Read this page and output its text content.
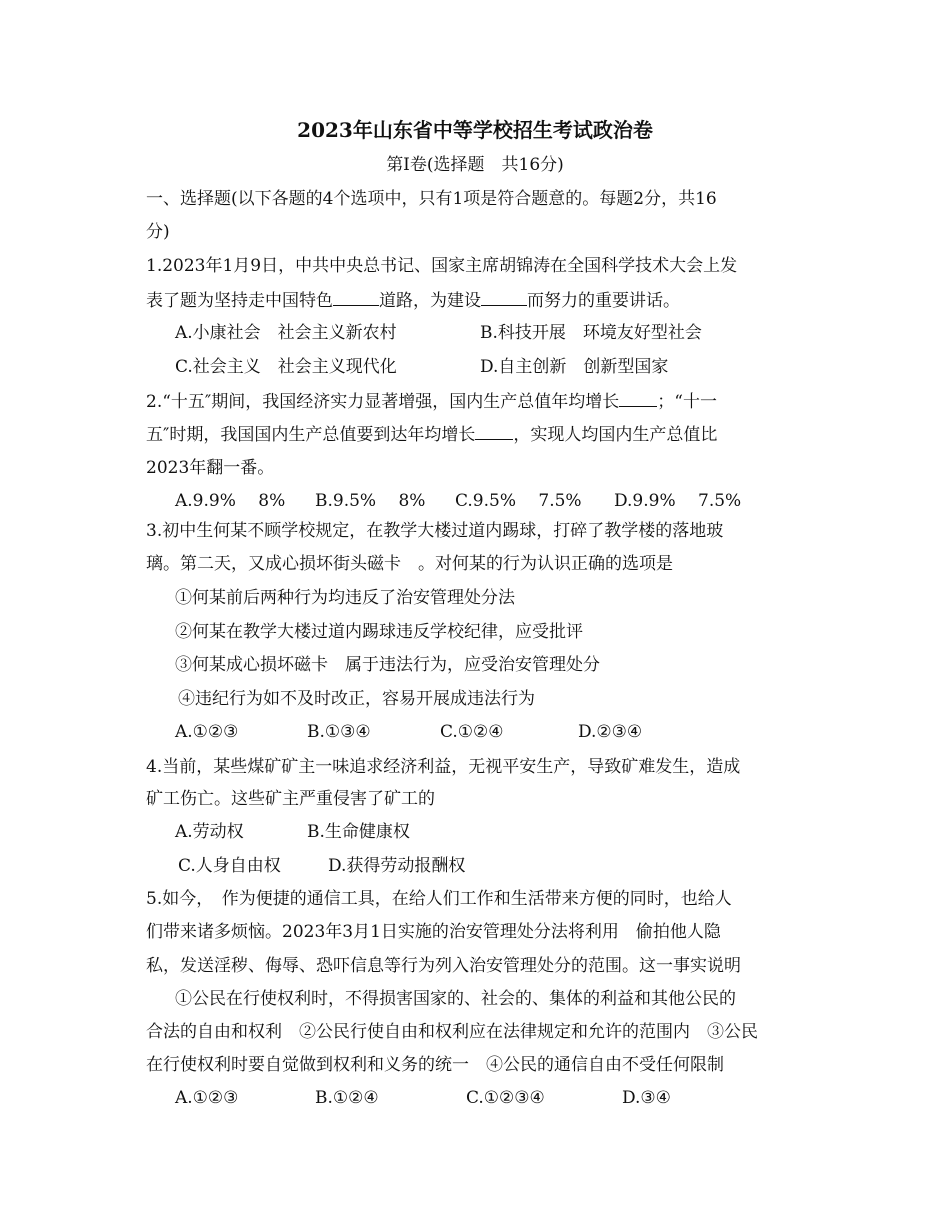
2023年山东省中等学校招生考试政治卷
第Ⅰ卷(选择题　共16分)
一、选择题(以下各题的4个选项中，只有1项是符合题意的。每题2分，共16
分)
1.2023年1月9日，中共中央总书记、国家主席胡锦涛在全国科学技术大会上发
表了题为坚持走中国特色	道路，为建设	而努力的重要讲话。
A.小康社会　社会主义新农村	B.科技开展　环境友好型社会
C.社会主义　社会主义现代化	D.自主创新　创新型国家
2.“十五″期间，我国经济实力显著增强，国内生产总值年均增长 ；“十一
五″时期，我国国内生产总值要到达年均增长 ，实现人均国内生产总值比
2023年翻一番。
A.9.9%　 8% B.9.5%　 8% C.9.5%　 7.5% D.9.9%　 7.5%
3.初中生何某不顾学校规定，在教学大楼过道内踢球，打碎了教学楼的落地玻
璃。第二天，又成心损坏街头磁卡　。对何某的行为认识正确的选项是
①何某前后两种行为均违反了治安管理处分法
②何某在教学大楼过道内踢球违反学校纪律，应受批评
③何某成心损坏磁卡　属于违法行为，应受治安管理处分
④违纪行为如不及时改正，容易开展成违法行为
A.①②③	B.①③④	C.①②④	D.②③④
4.当前，某些煤矿矿主一味追求经济利益，无视平安生产，导致矿难发生，造成
矿工伤亡。这些矿主严重侵害了矿工的
A.劳动权	B.生命健康权
C.人身自由权	D.获得劳动报酬权
5.如今，　作为便捷的通信工具，在给人们工作和生活带来方便的同时，也给人
们带来诸多烦恼。2023年3月1日实施的治安管理处分法将利用　偷拍他人隐
私，发送淫秽、侮辱、恐吓信息等行为列入治安管理处分的范围。这一事实说明
①公民在行使权利时，不得损害国家的、社会的、集体的利益和其他公民的
合法的自由和权利　②公民行使自由和权利应在法律规定和允许的范围内　③公民
在行使权利时要自觉做到权利和义务的统一　④公民的通信自由不受任何限制
A.①②③	B.①②④	C.①②③④	D.③④
